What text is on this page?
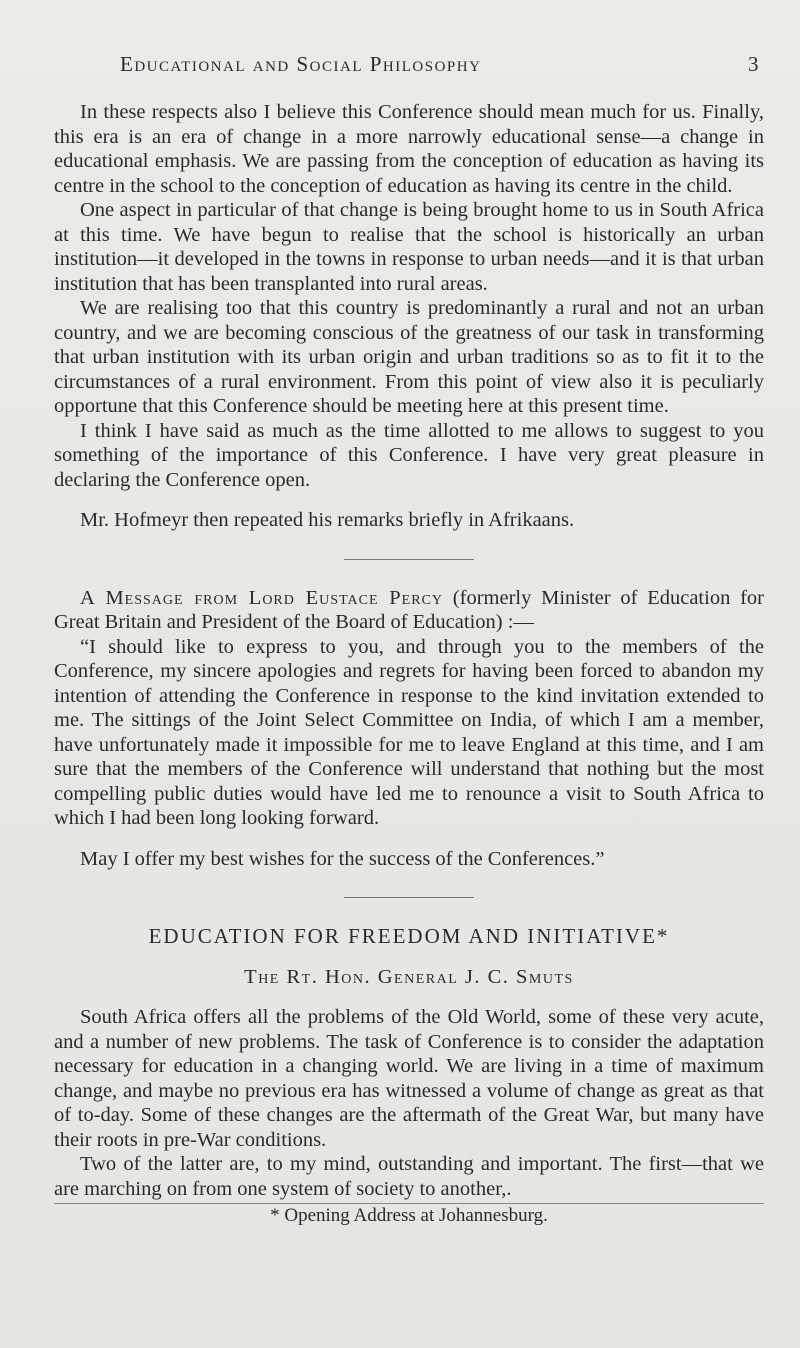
Educational and Social Philosophy	3

In these respects also I believe this Conference should mean much for us. Finally, this era is an era of change in a more narrowly educational sense—a change in educational emphasis. We are passing from the conception of education as having its centre in the school to the conception of education as having its centre in the child.

One aspect in particular of that change is being brought home to us in South Africa at this time. We have begun to realise that the school is historically an urban institution—it developed in the towns in response to urban needs—and it is that urban institution that has been transplanted into rural areas.

We are realising too that this country is predominantly a rural and not an urban country, and we are becoming conscious of the greatness of our task in transforming that urban institution with its urban origin and urban traditions so as to fit it to the circumstances of a rural environment. From this point of view also it is peculiarly opportune that this Conference should be meeting here at this present time.

I think I have said as much as the time allotted to me allows to suggest to you something of the importance of this Conference. I have very great pleasure in declaring the Conference open.

Mr. Hofmeyr then repeated his remarks briefly in Afrikaans.

A Message from Lord Eustace Percy (formerly Minister of Education for Great Britain and President of the Board of Education) :—

“I should like to express to you, and through you to the members of the Conference, my sincere apologies and regrets for having been forced to abandon my intention of attending the Conference in response to the kind invitation extended to me. The sittings of the Joint Select Committee on India, of which I am a member, have unfortunately made it impossible for me to leave England at this time, and I am sure that the members of the Conference will understand that nothing but the most compelling public duties would have led me to renounce a visit to South Africa to which I had been long looking forward.

May I offer my best wishes for the success of the Conferences.”

EDUCATION FOR FREEDOM AND INITIATIVE*

The Rt. Hon. General J. C. Smuts

South Africa offers all the problems of the Old World, some of these very acute, and a number of new problems. The task of Conference is to consider the adaptation necessary for education in a changing world. We are living in a time of maximum change, and maybe no previous era has witnessed a volume of change as great as that of to-day. Some of these changes are the aftermath of the Great War, but many have their roots in pre-War conditions.

Two of the latter are, to my mind, outstanding and important. The first—that we are marching on from one system of society to another,.

* Opening Address at Johannesburg.
